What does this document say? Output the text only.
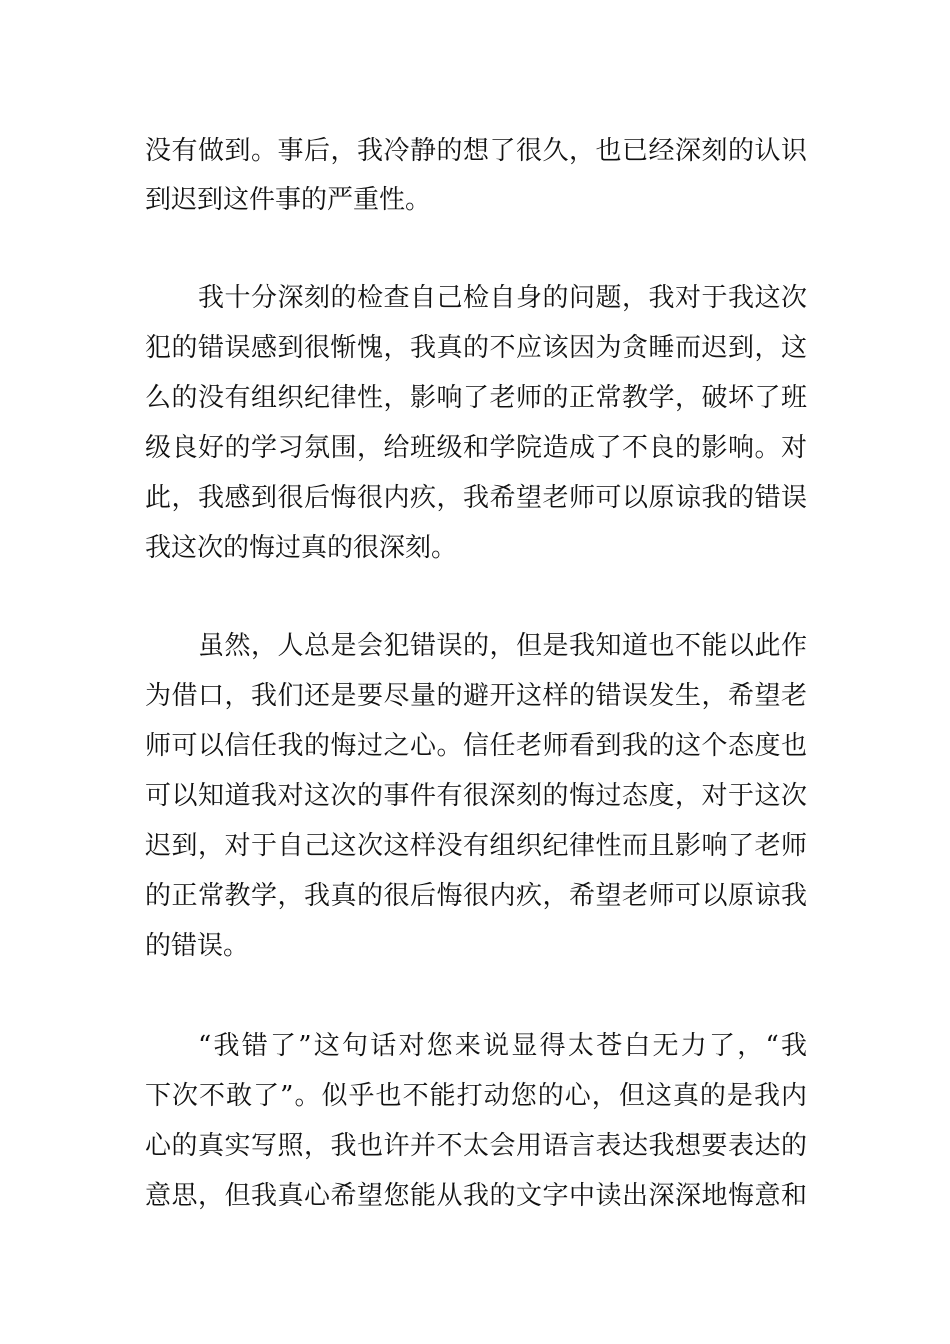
没有做到。事后，我冷静的想了很久，也已经深刻的认识

到迟到这件事的严重性。

我十分深刻的检查自己检自身的问题，我对于我这次

犯的错误感到很惭愧，我真的不应该因为贪睡而迟到，这

么的没有组织纪律性，影响了老师的正常教学，破坏了班

级良好的学习氛围，给班级和学院造成了不良的影响。对

此，我感到很后悔很内疚，我希望老师可以原谅我的错误

我这次的悔过真的很深刻。

虽然，人总是会犯错误的，但是我知道也不能以此作

为借口，我们还是要尽量的避开这样的错误发生，希望老

师可以信任我的悔过之心。信任老师看到我的这个态度也

可以知道我对这次的事件有很深刻的悔过态度，对于这次

迟到，对于自己这次这样没有组织纪律性而且影响了老师

的正常教学，我真的很后悔很内疚，希望老师可以原谅我

的错误。

“我错了”这句话对您来说显得太苍白无力了，“我

下次不敢了”。似乎也不能打动您的心，但这真的是我内

心的真实写照，我也许并不太会用语言表达我想要表达的

意思，但我真心希望您能从我的文字中读出深深地悔意和
